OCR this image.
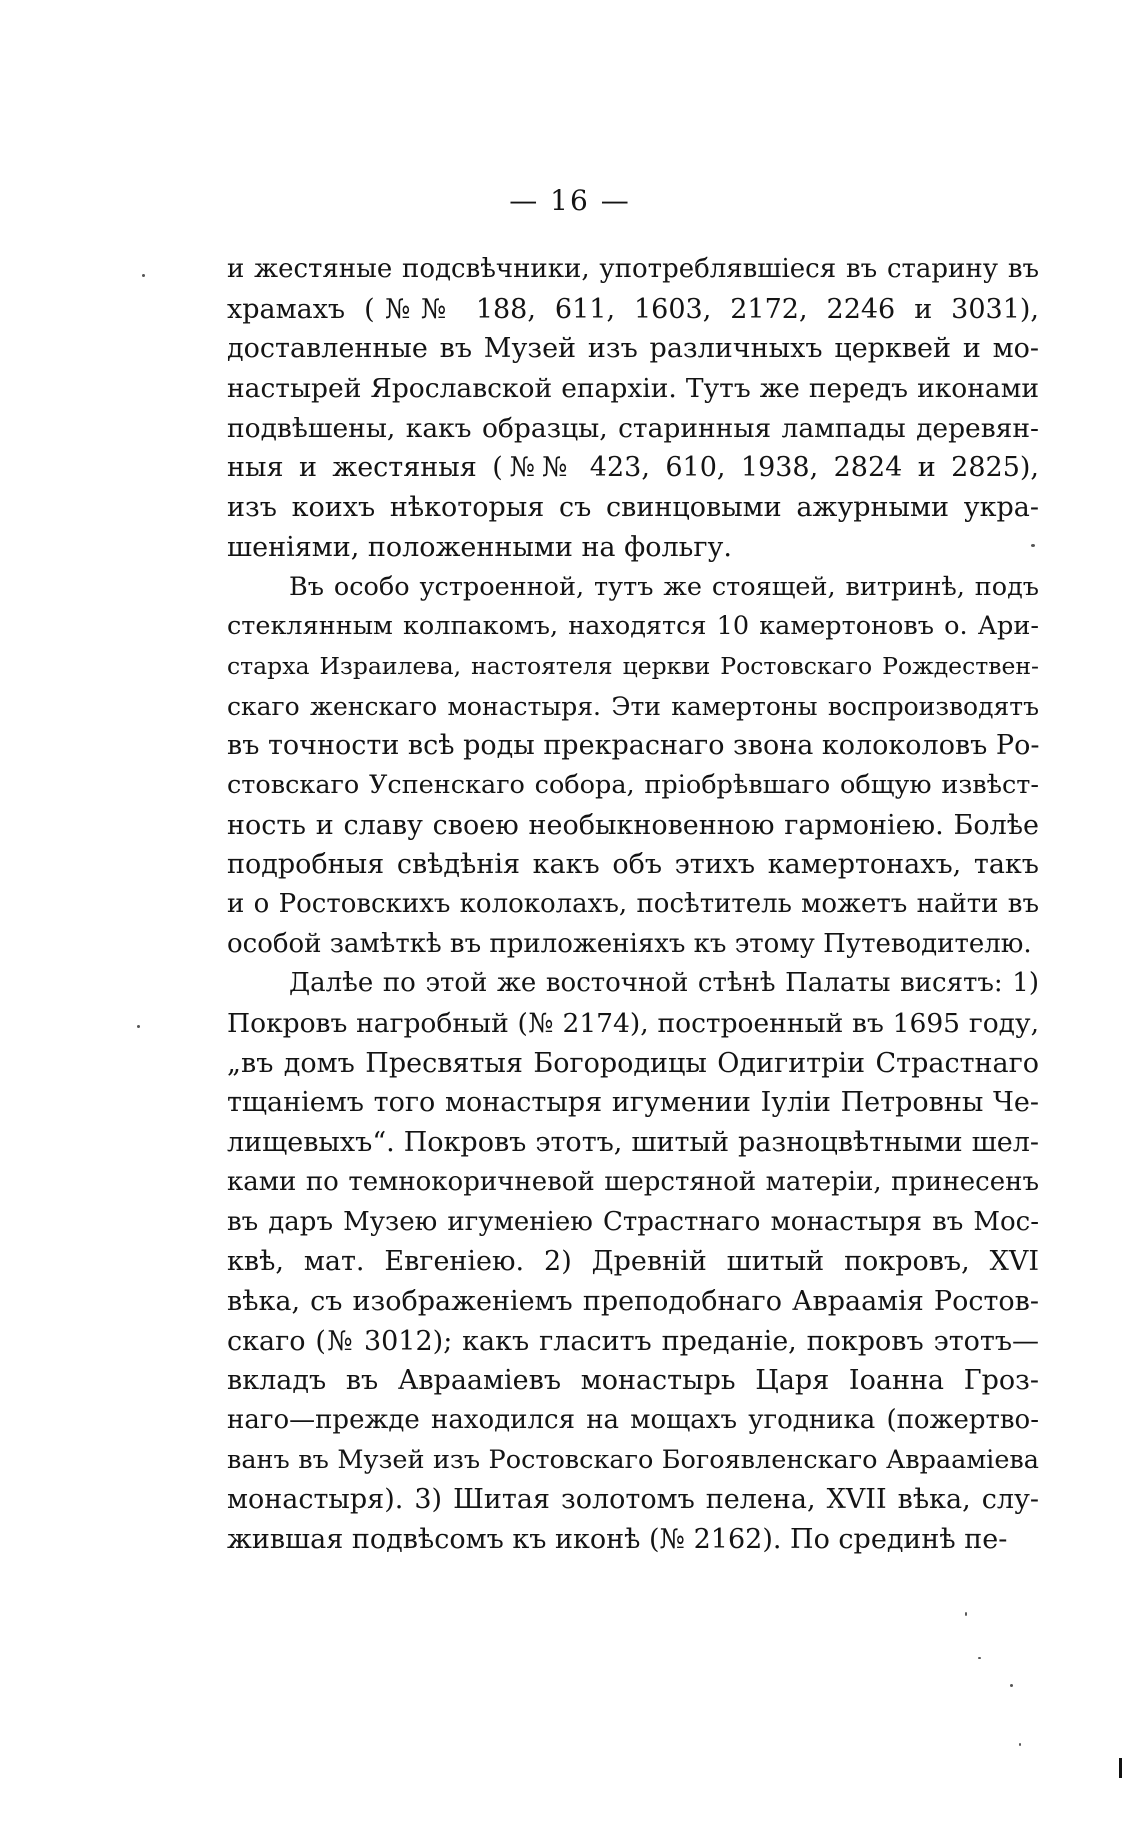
— 16 —
и жестяные подсвѣчники, употреблявшіеся въ старину въ
храмахъ (№№ 188, 611, 1603, 2172, 2246 и 3031),
доставленные въ Музей изъ различныхъ церквей и мо-
настырей Ярославской епархіи. Тутъ же передъ иконами
подвѣшены, какъ образцы, старинныя лампады деревян-
ныя и жестяныя (№№ 423, 610, 1938, 2824 и 2825),
изъ коихъ нѣкоторыя съ свинцовыми ажурными укра-
шеніями, положенными на фольгу.
Въ особо устроенной, тутъ же стоящей, витринѣ, подъ
стеклянным колпакомъ, находятся 10 камертоновъ о. Ари-
старха Израилева, настоятеля церкви Ростовскаго Рождествен-
скаго женскаго монастыря. Эти камертоны воспроизводятъ
въ точности всѣ роды прекраснаго звона колоколовъ Ро-
стовскаго Успенскаго собора, пріобрѣвшаго общую извѣст-
ность и славу своею необыкновенною гармоніею. Болѣе
подробныя свѣдѣнія какъ объ этихъ камертонахъ, такъ
и о Ростовскихъ колоколахъ, посѣтитель можетъ найти въ
особой замѣткѣ въ приложеніяхъ къ этому Путеводителю.
Далѣе по этой же восточной стѣнѣ Палаты висятъ: 1)
Покровъ нагробный (№ 2174), построенный въ 1695 году,
„въ домъ Пресвятыя Богородицы Одигитріи Страстнаго
тщаніемъ того монастыря игумении Іуліи Петровны Че-
лищевыхъ“. Покровъ этотъ, шитый разноцвѣтными шел-
ками по темнокоричневой шерстяной матеріи, принесенъ
въ даръ Музею игуменіею Страстнаго монастыря въ Мос-
квѣ, мат. Евгеніею. 2) Древній шитый покровъ, XVI
вѣка, съ изображеніемъ преподобнаго Авраамія Ростов-
скаго (№ 3012); какъ гласитъ преданіе, покровъ этотъ—
вкладъ въ Авраамiевъ монастырь Царя Іоанна Гроз-
наго—прежде находился на мощахъ угодника (пожертво-
ванъ въ Музей изъ Ростовскаго Богоявленскаго Авраамiева
монастыря). 3) Шитая золотомъ пелена, XVII вѣка, слу-
жившая подвѣсомъ къ иконѣ (№ 2162). По срединѣ пе-
